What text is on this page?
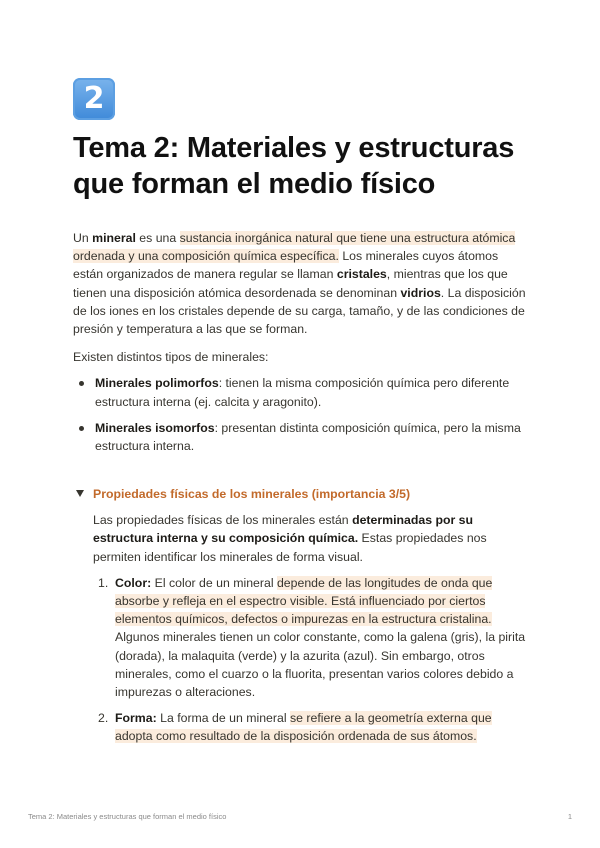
2
Tema 2: Materiales y estructuras que forman el medio físico

Un mineral es una sustancia inorgánica natural que tiene una estructura atómica ordenada y una composición química específica. Los minerales cuyos átomos están organizados de manera regular se llaman cristales, mientras que los que tienen una disposición atómica desordenada se denominan vidrios. La disposición de los iones en los cristales depende de su carga, tamaño, y de las condiciones de presión y temperatura a las que se forman.

Existen distintos tipos de minerales:

Minerales polimorfos: tienen la misma composición química pero diferente estructura interna (ej. calcita y aragonito).
Minerales isomorfos: presentan distinta composición química, pero la misma estructura interna.
Propiedades físicas de los minerales (importancia 3/5)

Las propiedades físicas de los minerales están determinadas por su estructura interna y su composición química. Estas propiedades nos permiten identificar los minerales de forma visual.

1. Color: El color de un mineral depende de las longitudes de onda que absorbe y refleja en el espectro visible. Está influenciado por ciertos elementos químicos, defectos o impurezas en la estructura cristalina. Algunos minerales tienen un color constante, como la galena (gris), la pirita (dorada), la malaquita (verde) y la azurita (azul). Sin embargo, otros minerales, como el cuarzo o la fluorita, presentan varios colores debido a impurezas o alteraciones.
2. Forma: La forma de un mineral se refiere a la geometría externa que adopta como resultado de la disposición ordenada de sus átomos.
Tema 2: Materiales y estructuras que forman el medio físico	1
